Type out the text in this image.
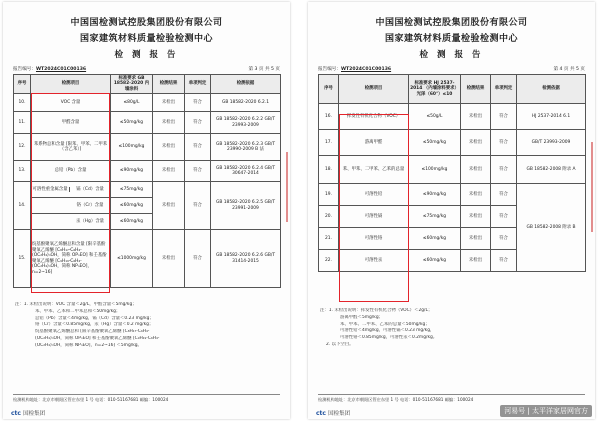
中国国检测试控股集团股份有限公司
国家建筑材料质量检验检测中心
检 测 报 告
报告编号：WT2024C01C00136	第 3 页 共 5 页
序号	检测项目	标准要求 GB 18582-2020 内墙涂料	检测结果	单项判定	检测依据
10.	VOC 含量	≤80g/L	未检出	符合	GB 18582-2020 6.2.1
11.	甲醛含量	≤50mg/kg	未检出	符合	GB 18582-2020 6.2.2 GB/T 23993-2009
12.	苯系物总和含量 [限苯、甲苯、二甲苯（含乙苯）]	≤100mg/kg	未检出	符合	GB 18582-2020 6.2.3 GB/T 23990-2009 B 法
13.	总铅（Pb）含量	≤90mg/kg	未检出	符合	GB 18582-2020 6.2.4 GB/T 30647-2014
14.	可溶性重金属含量 镉（Cd）含量	≤75mg/kg	未检出	符合	GB 18582-2020 6.2.5 GB/T 23991-2009
	铬（Cr）含量	≤60mg/kg			
	汞（Hg）含量	≤60mg/kg			
15.	烷基酚聚氧乙烯醚总和含量 [限辛基酚聚氧乙烯醚 [C₈H₁₇-C₆H₄-(OC₂H₄)ₙOH，简称 OPₙEO] 和壬基酚聚氧乙烯醚 [C₉H₁₉-C₆H₄-(OC₂H₄)ₙOH，简称 NPₙEO]，n=2~16]	≤1000mg/kg	未检出	符合	GB 18582-2020 6.2.6 GB/T 31414-2015
注：1. 未检出说明：VOC 含量＜2g/L，甲醛含量＜5mg/kg；
苯、甲苯、乙苯和二甲苯总和＜50mg/kg；
总铅（Pb）含量＜4mg/kg，镉（Cd）含量＜0.23 mg/kg；
铬（Cr）含量＜0.85mg/kg，汞（Hg）含量＜0.2 mg/kg；
烷基酚聚氧乙烯醚总和 [限辛基酚聚氧乙烯醚 [C₈H₁₇-C₆H₄-
(OC₂H₄)ₙOH，简称 OPₙEO] 和壬基酚聚氧乙烯醚 [C₉H₁₉-C₆H₄-
(OC₂H₄)ₙOH，简称 NPₙEO]，n=2~16] ＜5mg/kg。
检测机构地址：北京市朝阳区管庄东里 1 号 电话：010-51167681 邮编：100024
ctc 国检集团
中国国检测试控股集团股份有限公司
国家建筑材料质量检验检测中心
检 测 报 告
报告编号：WT2024C01C00136	第 4 页 共 5 页
序号	检测项目	标准要求 HJ 2537-2014 （内墙涂料要求）光泽（60°）≤10	检测结果	单项判定	检测依据
16.	挥发性有机化合物（VOC）	≤50g/L	未检出	符合	HJ 2537-2014 6.1
17.	游离甲醛	≤50mg/kg	未检出	符合	GB/T 23993-2009
18.	苯、甲苯、二甲苯、乙苯的总量	≤100mg/kg	未检出	符合	GB 18582-2008 附录 A
19.	可溶性铅	≤90mg/kg	未检出	符合	GB 18582-2008 附录 B
20.	可溶性镉	≤75mg/kg	未检出	符合	
21.	可溶性铬	≤60mg/kg	未检出	符合	
22.	可溶性汞	≤60mg/kg	未检出	符合	
注：1. 未检出说明：挥发性有机化合物（VOC）＜2g/L；
游离甲醛＜5mg/kg；
苯、甲苯、二甲苯、乙苯的总量＜50mg/kg；
可溶性铅＜4mg/kg，可溶性镉＜0.23 mg/kg，
可溶性铬＜0.85mg/kg，可溶性汞＜0.2mg/kg。
2. 以下空白。
检测机构地址：北京市朝阳区管庄东里 1 号 电话：010-51167681 邮编：100024
ctc 国检集团	河易号 | 太平洋家居网官方
